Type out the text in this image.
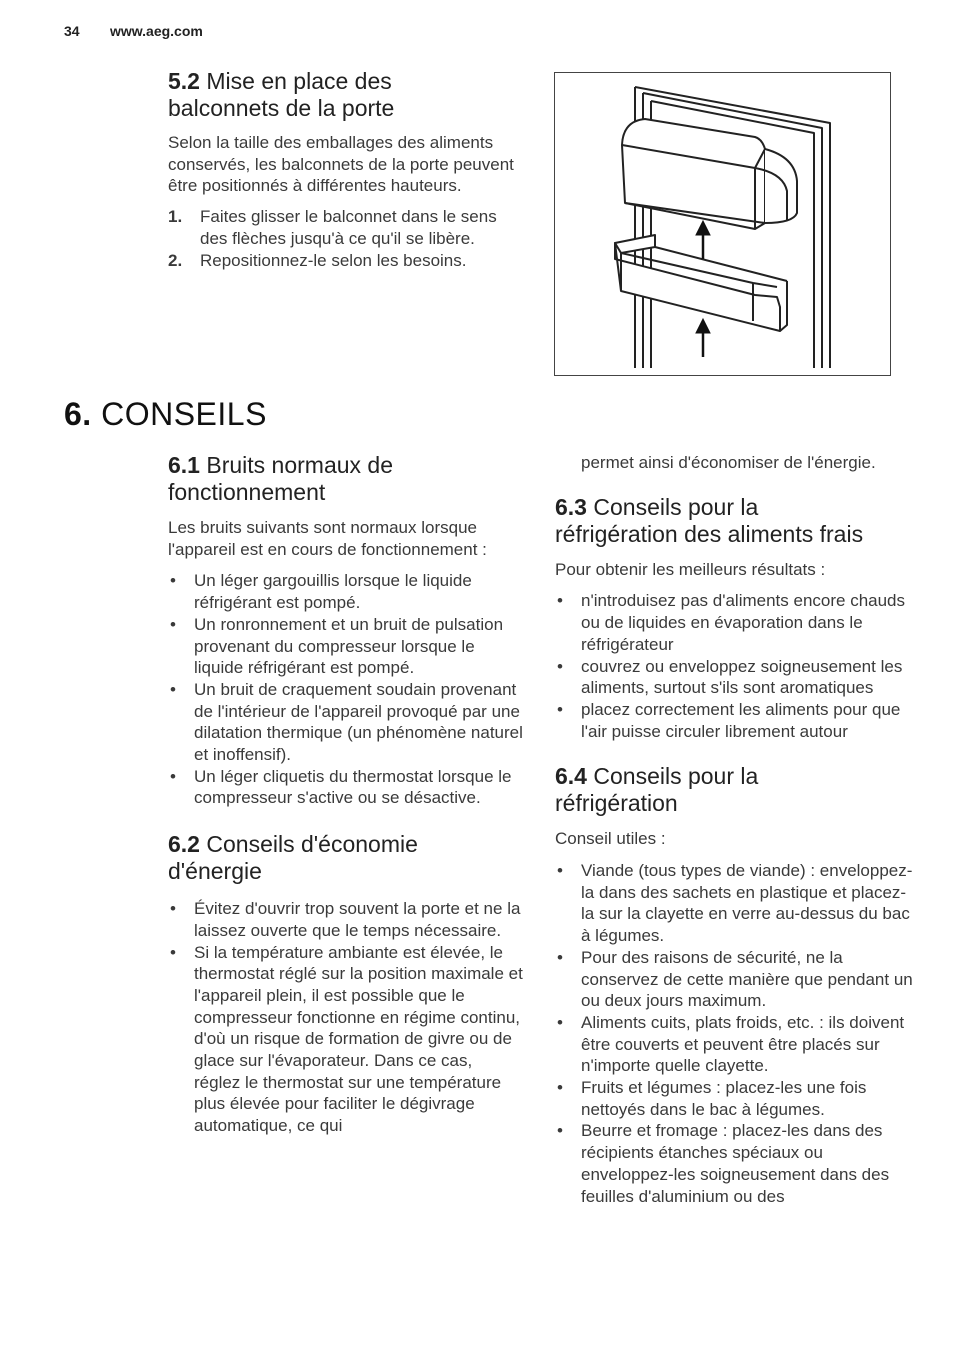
34 www.aeg.com
5.2 Mise en place des
balconnets de la porte

Selon la taille des emballages des aliments conservés, les balconnets de la porte peuvent être positionnés à différentes hauteurs.

1. Faites glisser le balconnet dans le sens des flèches jusqu'à ce qu'il se libère.
2. Repositionnez-le selon les besoins.
6. CONSEILS
6.1 Bruits normaux de
fonctionnement

Les bruits suivants sont normaux lorsque l'appareil est en cours de fonctionnement :

• Un léger gargouillis lorsque le liquide réfrigérant est pompé.
• Un ronronnement et un bruit de pulsation provenant du compresseur lorsque le liquide réfrigérant est pompé.
• Un bruit de craquement soudain provenant de l'intérieur de l'appareil provoqué par une dilatation thermique (un phénomène naturel et inoffensif).
• Un léger cliquetis du thermostat lorsque le compresseur s'active ou se désactive.
6.2 Conseils d'économie
d'énergie
• Évitez d'ouvrir trop souvent la porte et ne la laissez ouverte que le temps nécessaire.
• Si la température ambiante est élevée, le thermostat réglé sur la position maximale et l'appareil plein, il est possible que le compresseur fonctionne en régime continu, d'où un risque de formation de givre ou de glace sur l'évaporateur. Dans ce cas, réglez le thermostat sur une température plus élevée pour faciliter le dégivrage automatique, ce qui

permet ainsi d'économiser de l'énergie.

6.3 Conseils pour la
réfrigération des aliments frais

Pour obtenir les meilleurs résultats :

• n'introduisez pas d'aliments encore chauds ou de liquides en évaporation dans le réfrigérateur
• couvrez ou enveloppez soigneusement les aliments, surtout s'ils sont aromatiques
• placez correctement les aliments pour que l'air puisse circuler librement autour
6.4 Conseils pour la
réfrigération

Conseil utiles :

• Viande (tous types de viande) : enveloppez-la dans des sachets en plastique et placez-la sur la clayette en verre au-dessus du bac à légumes.
• Pour des raisons de sécurité, ne la conservez de cette manière que pendant un ou deux jours maximum.
• Aliments cuits, plats froids, etc. : ils doivent être couverts et peuvent être placés sur n'importe quelle clayette.
• Fruits et légumes : placez-les une fois nettoyés dans le bac à légumes.
• Beurre et fromage : placez-les dans des récipients étanches spéciaux ou enveloppez-les soigneusement dans des feuilles d'aluminium ou des
